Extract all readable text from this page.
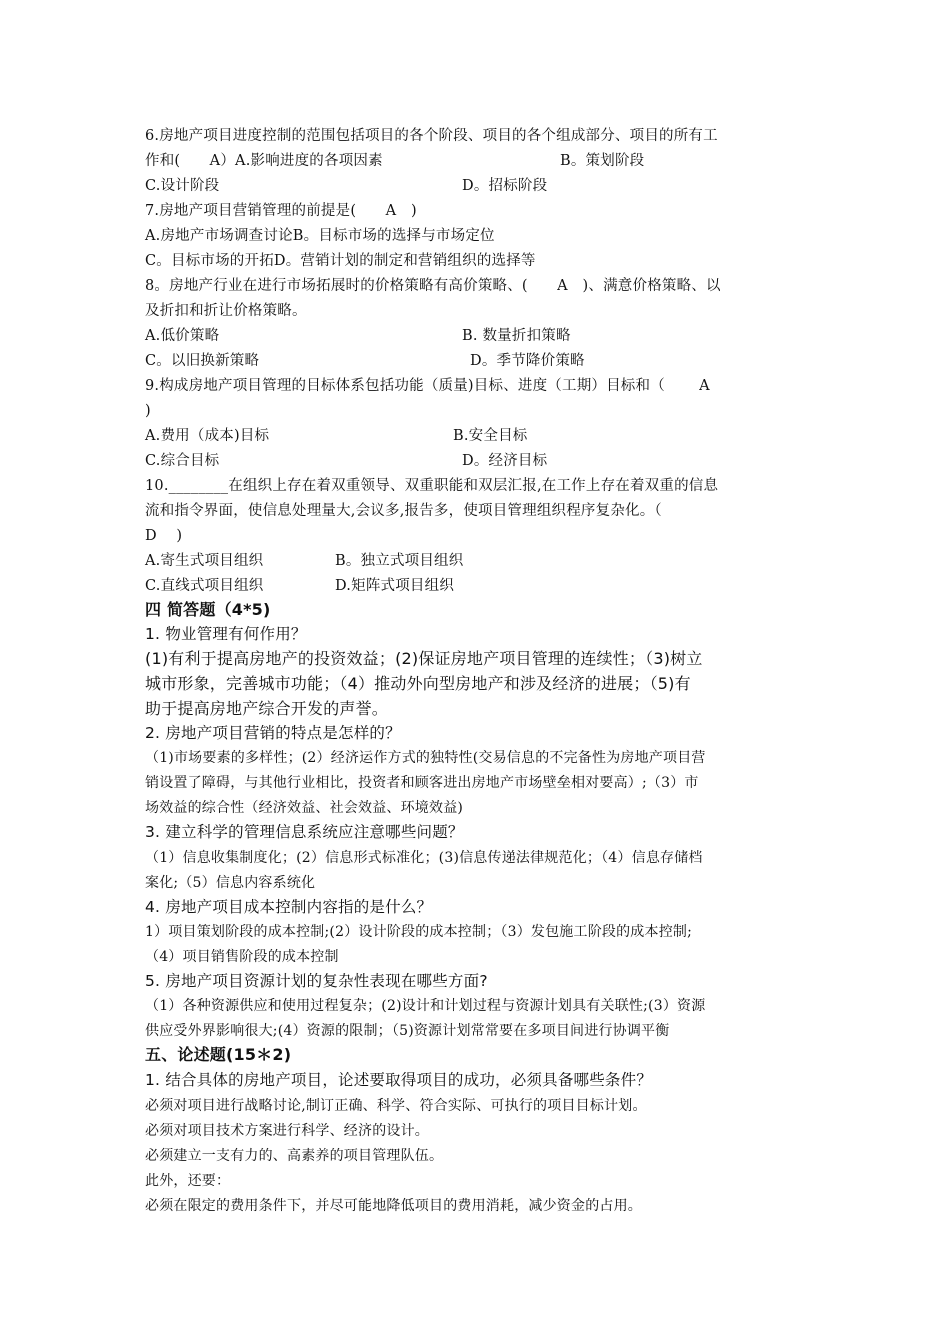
6.房地产项目进度控制的范围包括项目的各个阶段、项目的各个组成部分、项目的所有工
作和(　　A）A.影响进度的各项因素	B。策划阶段
C.设计阶段	D。招标阶段
7.房地产项目营销管理的前提是(　　A　)
A.房地产市场调查讨论B。目标市场的选择与市场定位
C。目标市场的开拓D。营销计划的制定和营销组织的选择等
8。房地产行业在进行市场拓展时的价格策略有高价策略、(　　A　)、满意价格策略、以
及折扣和折让价格策略。
A.低价策略	B. 数量折扣策略
C。以旧换新策略	D。季节降价策略
9.构成房地产项目管理的目标体系包括功能（质量)目标、进度（工期）目标和（　　 A
)
A.费用（成本)目标	B.安全目标
C.综合目标	D。经济目标
10.________在组织上存在着双重领导、双重职能和双层汇报,在工作上存在着双重的信息
流和指令界面，使信息处理量大,会议多,报告多，使项目管理组织程序复杂化。（
D　 )
A.寄生式项目组织	B。独立式项目组织
C.直线式项目组织	D.矩阵式项目组织
四 简答题（4*5)
1. 物业管理有何作用？
(1)有利于提高房地产的投资效益；(2)保证房地产项目管理的连续性；（3)树立
城市形象，完善城市功能；（4）推动外向型房地产和涉及经济的进展；（5)有
助于提高房地产综合开发的声誉。
2. 房地产项目营销的特点是怎样的？
（1)市场要素的多样性；(2）经济运作方式的独特性(交易信息的不完备性为房地产项目营
销设置了障碍，与其他行业相比，投资者和顾客进出房地产市场壁垒相对要高）;（3）市
场效益的综合性（经济效益、社会效益、环境效益)
3. 建立科学的管理信息系统应注意哪些问题？
（1）信息收集制度化；(2）信息形式标准化；(3)信息传递法律规范化；（4）信息存储档
案化;（5）信息内容系统化
4. 房地产项目成本控制内容指的是什么？
1）项目策划阶段的成本控制;(2）设计阶段的成本控制；（3）发包施工阶段的成本控制;
（4）项目销售阶段的成本控制
5. 房地产项目资源计划的复杂性表现在哪些方面?
（1）各种资源供应和使用过程复杂；(2)设计和计划过程与资源计划具有关联性;(3）资源
供应受外界影响很大;(4）资源的限制；（5)资源计划常常要在多项目间进行协调平衡
五、论述题(15＊2)
1. 结合具体的房地产项目，论述要取得项目的成功，必须具备哪些条件？
必须对项目进行战略讨论,制订正确、科学、符合实际、可执行的项目目标计划。
必须对项目技术方案进行科学、经济的设计。
必须建立一支有力的、高素养的项目管理队伍。
此外，还要：
必须在限定的费用条件下，并尽可能地降低项目的费用消耗，减少资金的占用。
